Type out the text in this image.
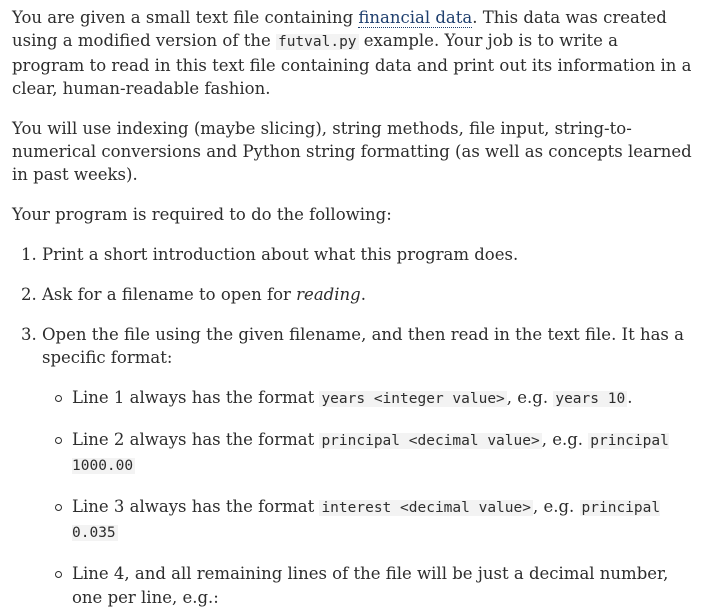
You are given a small text file containing financial data. This data was created using a modified version of the futval.py example. Your job is to write a program to read in this text file containing data and print out its information in a clear, human-readable fashion.

You will use indexing (maybe slicing), string methods, file input, string-to-numerical conversions and Python string formatting (as well as concepts learned in past weeks).

Your program is required to do the following:

1. Print a short introduction about what this program does.
2. Ask for a filename to open for reading.
3. Open the file using the given filename, and then read in the text file. It has a specific format:
Line 1 always has the format years <integer value> , e.g. years 10 .
Line 2 always has the format principal <decimal value> , e.g. principal 1000.00
Line 3 always has the format interest <decimal value> , e.g. principal 0.035
Line 4, and all remaining lines of the file will be just a decimal number, one per line, e.g.:
